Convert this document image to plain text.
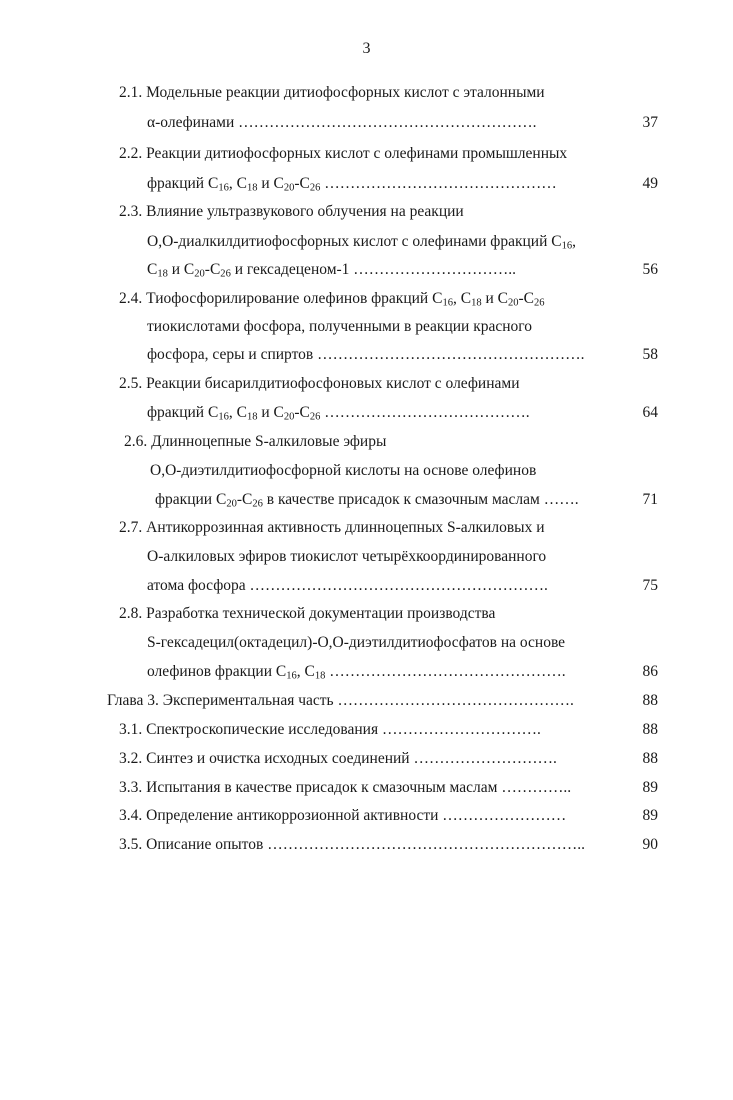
3
2.1. Модельные реакции дитиофосфорных кислот с эталонными
α-олефинами ………………………………………………….	37
2.2. Реакции дитиофосфорных кислот с олефинами промышленных
фракций $С_{16}$, $С_{18}$ и $С_{20}-С_{26}$ ………………………………………	49
2.3. Влияние ультразвукового облучения на реакции
О,О-диалкилдитиофосфорных кислот с олефинами фракций $С_{16}$,
$С_{18}$ и $С_{20}-С_{26}$ и гексадеценом-1 …………………………..	56
2.4. Тиофосфорилирование олефинов фракций $С_{16}$, $С_{18}$ и $С_{20}-С_{26}$
тиокислотами фосфора, полученными в реакции красного
фосфора, серы и спиртов …………………………………………….	58
2.5. Реакции бисарилдитиофосфоновых кислот с олефинами
фракций $С_{16}$, $С_{18}$ и $С_{20}-С_{26}$ ………………………………….	64
2.6. Длинноцепные S-алкиловые эфиры
О,О-диэтилдитиофосфорной кислоты на основе олефинов
фракции $С_{20}-С_{26}$ в качестве присадок к смазочным маслам …….	71
2.7. Антикоррозинная активность длинноцепных S-алкиловых и
О-алкиловых эфиров тиокислот четырёхкоординированного
атома фосфора ………………………………………………….	75
2.8. Разработка технической документации производства
S-гексадецил(октадецил)-О,О-диэтилдитиофосфатов на основе
олефинов фракции $С_{16}$, $С_{18}$ ……………………………………….	86
Глава 3. Экспериментальная часть ……………………………………….	88
3.1. Спектроскопические исследования ………………………….	88
3.2. Синтез и очистка исходных соединений ……………………….	88
3.3. Испытания в качестве присадок к смазочным маслам …………..	89
3.4. Определение антикоррозионной активности ……………………	89
3.5. Описание опытов ……………………………………………………..	90
